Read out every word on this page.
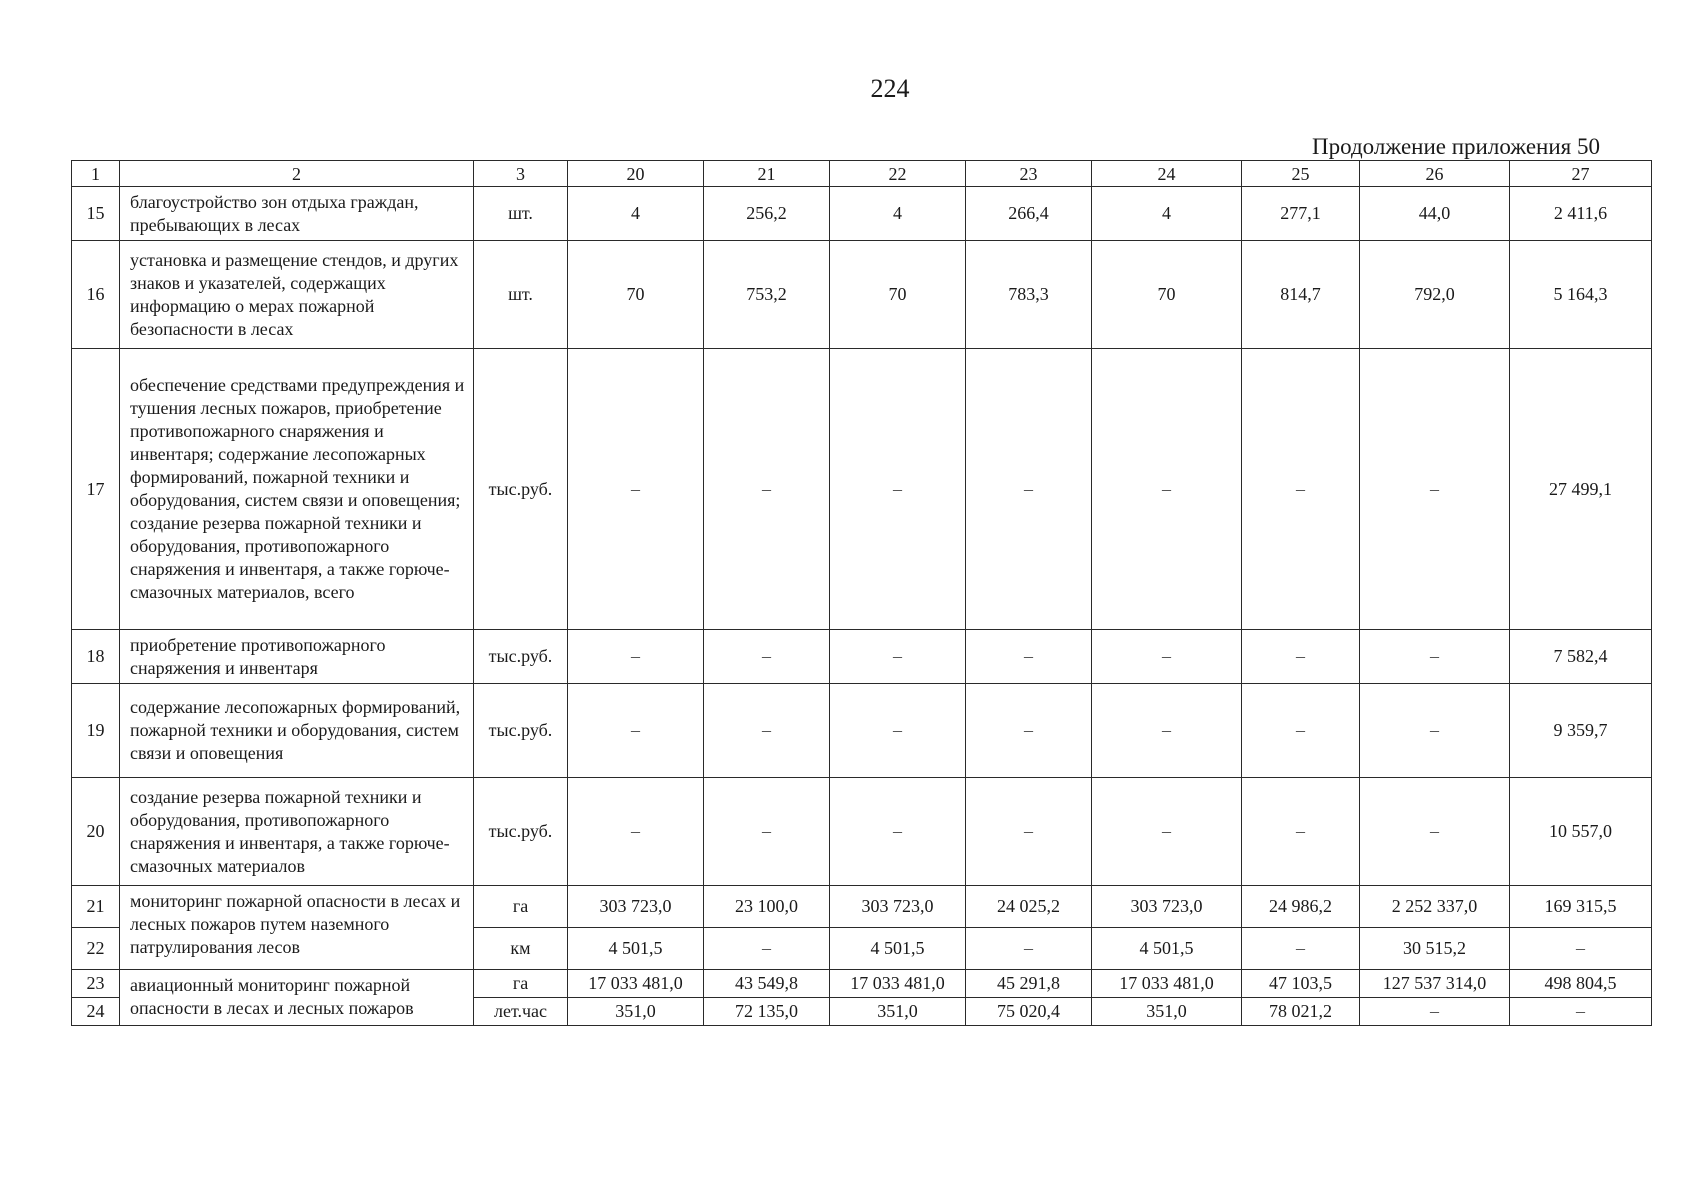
224
Продолжение приложения 50
1	2	3	20	21	22	23	24	25	26	27
15	благоустройство зон отдыха граждан, пребывающих в лесах	шт.	4	256,2	4	266,4	4	277,1	44,0	2 411,6
16	установка и размещение стендов, и других знаков и указателей, содержащих информацию о мерах пожарной безопасности в лесах	шт.	70	753,2	70	783,3	70	814,7	792,0	5 164,3
17	обеспечение средствами предупреждения и тушения лесных пожаров, приобретение противопожарного снаряжения и инвентаря; содержание лесопожарных формирований, пожарной техники и оборудования, систем связи и оповещения; создание резерва пожарной техники и оборудования, противопожарного снаряжения и инвентаря, а также горюче-смазочных материалов, всего	тыс.руб.	–	–	–	–	–	–	–	27 499,1
18	приобретение противопожарного снаряжения и инвентаря	тыс.руб.	–	–	–	–	–	–	–	7 582,4
19	содержание лесопожарных формирований, пожарной техники и оборудования, систем связи и оповещения	тыс.руб.	–	–	–	–	–	–	–	9 359,7
20	создание резерва пожарной техники и оборудования, противопожарного снаряжения и инвентаря, а также горюче-смазочных материалов	тыс.руб.	–	–	–	–	–	–	–	10 557,0
21	мониторинг пожарной опасности в лесах и лесных пожаров путем наземного патрулирования лесов	га	303 723,0	23 100,0	303 723,0	24 025,2	303 723,0	24 986,2	2 252 337,0	169 315,5
22		км	4 501,5	–	4 501,5	–	4 501,5	–	30 515,2	–
23	авиационный мониторинг пожарной опасности в лесах и лесных пожаров	га	17 033 481,0	43 549,8	17 033 481,0	45 291,8	17 033 481,0	47 103,5	127 537 314,0	498 804,5
24		лет.час	351,0	72 135,0	351,0	75 020,4	351,0	78 021,2	–	–
